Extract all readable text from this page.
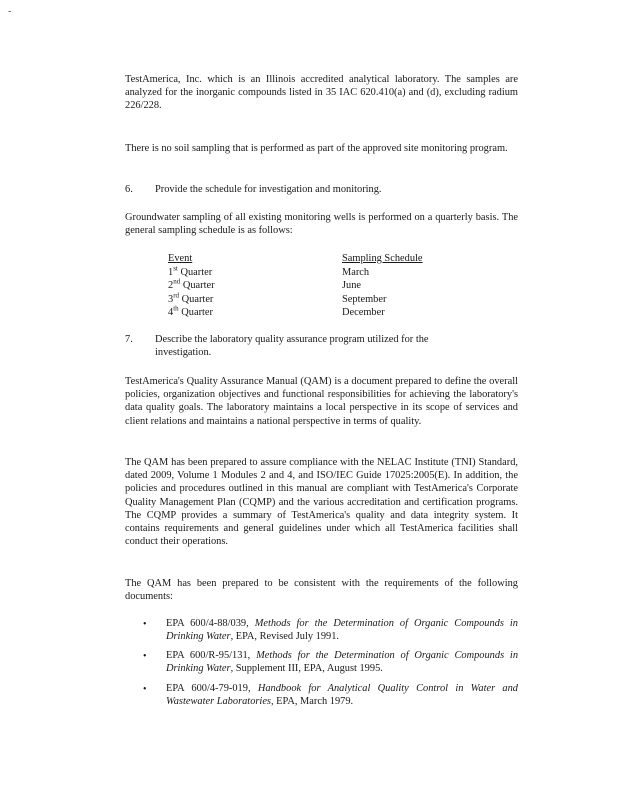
-

TestAmerica, Inc. which is an Illinois accredited analytical laboratory. The samples are analyzed for the inorganic compounds listed in 35 IAC 620.410(a) and (d), excluding radium 226/228.

There is no soil sampling that is performed as part of the approved site monitoring program.

6. Provide the schedule for investigation and monitoring.

Groundwater sampling of all existing monitoring wells is performed on a quarterly basis. The general sampling schedule is as follows:

Event	Sampling Schedule
1st Quarter	March
2nd Quarter	June
3rd Quarter	September
4th Quarter	December
7. Describe the laboratory quality assurance program utilized for the investigation.

TestAmerica's Quality Assurance Manual (QAM) is a document prepared to define the overall policies, organization objectives and functional responsibilities for achieving the laboratory's data quality goals. The laboratory maintains a local perspective in its scope of services and client relations and maintains a national perspective in terms of quality.

The QAM has been prepared to assure compliance with the NELAC Institute (TNI) Standard, dated 2009, Volume 1 Modules 2 and 4, and ISO/IEC Guide 17025:2005(E). In addition, the policies and procedures outlined in this manual are compliant with TestAmerica's Corporate Quality Management Plan (CQMP) and the various accreditation and certification programs. The CQMP provides a summary of TestAmerica's quality and data integrity system. It contains requirements and general guidelines under which all TestAmerica facilities shall conduct their operations.

The QAM has been prepared to be consistent with the requirements of the following documents:

• EPA 600/4-88/039, Methods for the Determination of Organic Compounds in Drinking Water, EPA, Revised July 1991.

• EPA 600/R-95/131, Methods for the Determination of Organic Compounds in Drinking Water, Supplement III, EPA, August 1995.

• EPA 600/4-79-019, Handbook for Analytical Quality Control in Water and Wastewater Laboratories, EPA, March 1979.
